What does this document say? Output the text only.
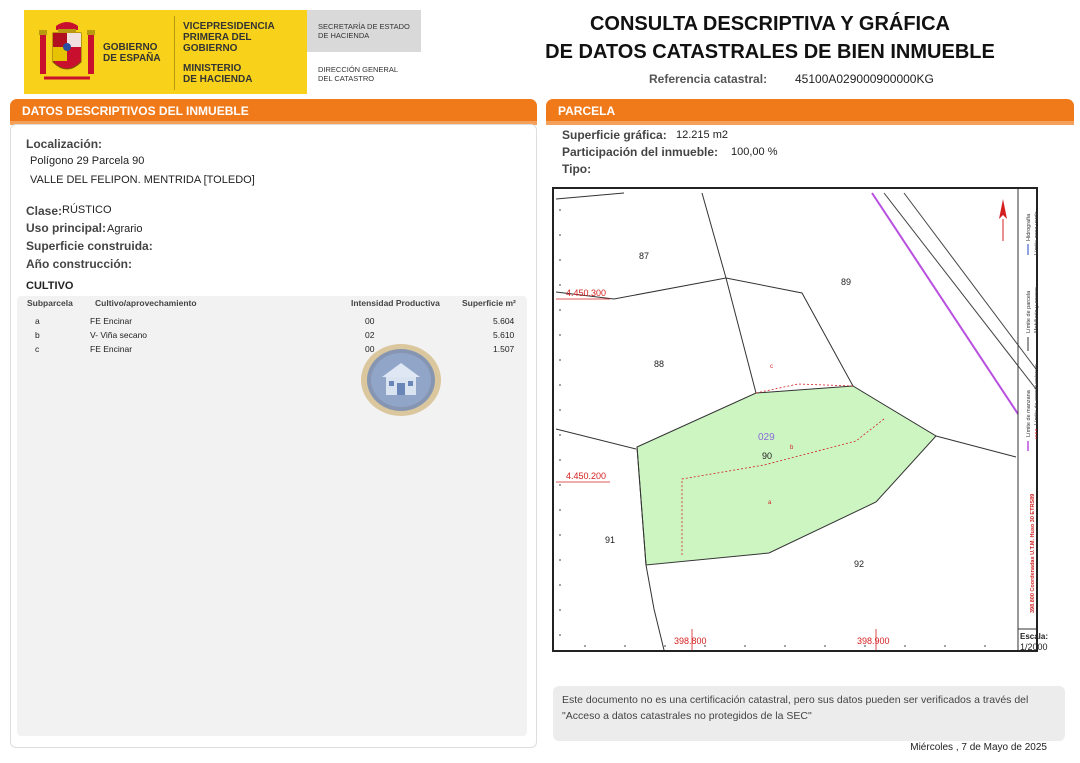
GOBIERNO
DE ESPAÑA
VICEPRESIDENCIA
PRIMERA DEL GOBIERNO
MINISTERIO
DE HACIENDA
SECRETARÍA DE ESTADO
DE HACIENDA
DIRECCIÓN GENERAL
DEL CATASTRO
CONSULTA DESCRIPTIVA Y GRÁFICA
DE DATOS CATASTRALES DE BIEN INMUEBLE
Referencia catastral: 45100A029000900000KG
DATOS DESCRIPTIVOS DEL INMUEBLE
Localización:
Polígono 29 Parcela 90
VALLE DEL FELIPON. MENTRIDA [TOLEDO]
Clase: RÚSTICO
Uso principal: Agrario
Superficie construida:
Año construcción:
CULTIVO
Subparcela	Cultivo/aprovechamiento	Intensidad Productiva	Superficie m²
a	FE Encinar	00	5.604
b	V- Viña secano	02	5.610
c	FE Encinar	00	1.507
PARCELA
Superficie gráfica: 12.215 m2
Participación del inmueble: 100,00 %
Tipo:
4.450.300
4.450.200
398.800	398.900
87
89
88
90
91
92
029
a
b
c
Límite de parcela Mobiliario y aceras
Hidrografía Límite zona verde
Límite de manzana Límite de construcciones
398.800 Coordenadas U.T.M. Huso 30 ETRS89
Escala:
1/2000
Este documento no es una certificación catastral, pero sus datos pueden ser verificados a través del "Acceso a datos catastrales no protegidos de la SEC"
Miércoles , 7 de Mayo de 2025
